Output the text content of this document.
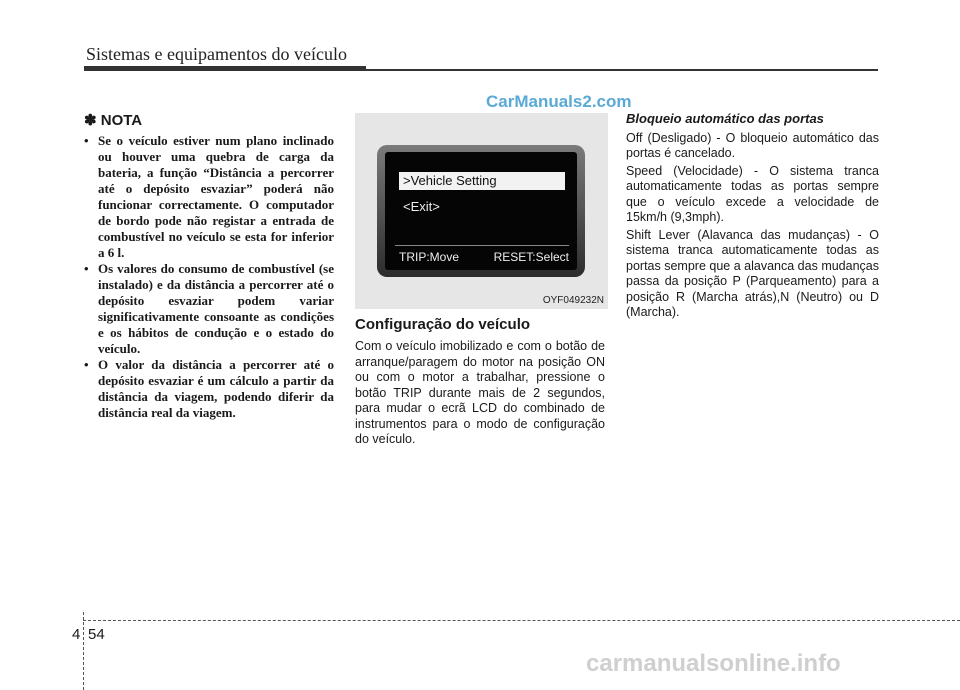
Sistemas e equipamentos do veículo
CarManuals2.com
✽ NOTA
• Se o veículo estiver num plano inclinado ou houver uma quebra de carga da bateria, a função “Distância a percorrer até o depósito esvaziar” poderá não funcionar correctamente. O computador de bordo pode não registar a entrada de combustível no veículo se esta for inferior a 6 l.
• Os valores do consumo de combustível (se instalado) e da distância a percorrer até o depósito esvaziar podem variar significativamente consoante as condições e os hábitos de condução e o estado do veículo.
• O valor da distância a percorrer até o depósito esvaziar é um cálculo a partir da distância da viagem, podendo diferir da distância real da viagem.
>Vehicle Setting
<Exit>
TRIP:Move	RESET:Select
OYF049232N
Configuração do veículo

Com o veículo imobilizado e com o botão de arranque/paragem do motor na posição ON ou com o motor a trabalhar, pressione o botão TRIP durante mais de 2 segundos, para mudar o ecrã LCD do combinado de instrumentos para o modo de configuração do veículo.

Bloqueio automático das portas
Off (Desligado) - O bloqueio automático das portas é cancelado.
Speed (Velocidade) - O sistema tranca automaticamente todas as portas sempre que o veículo excede a velocidade de 15km/h (9,3mph).
Shift Lever (Alavanca das mudanças) - O sistema tranca automaticamente todas as portas sempre que a alavanca das mudanças passa da posição P (Parqueamento) para a posição R (Marcha atrás),N (Neutro) ou D (Marcha).
4 54
carmanualsonline.info
